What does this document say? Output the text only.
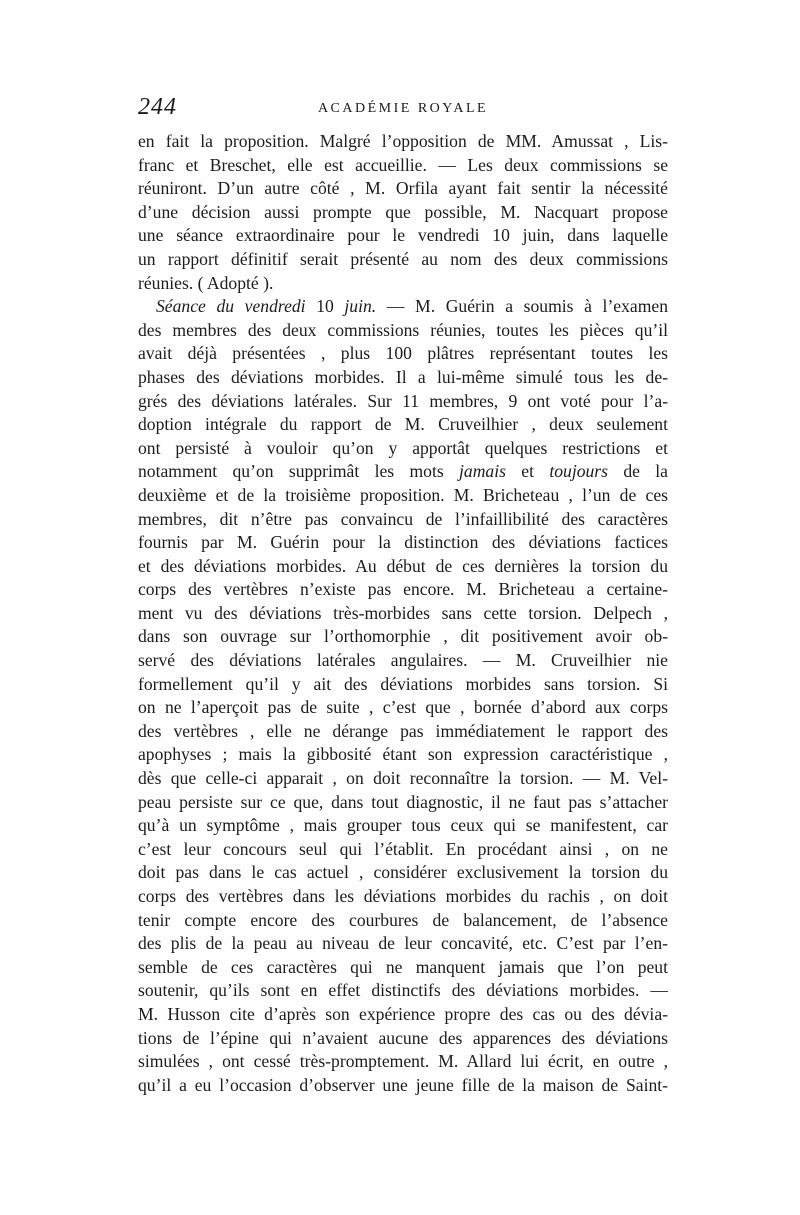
244	ACADÉMIE ROYALE
en fait la proposition. Malgré l’opposition de MM. Amussat , Lis-
franc et Breschet, elle est accueillie. — Les deux commissions se
réuniront. D’un autre côté , M. Orfila ayant fait sentir la nécessité
d’une décision aussi prompte que possible, M. Nacquart propose
une séance extraordinaire pour le vendredi 10 juin, dans laquelle
un rapport définitif serait présenté au nom des deux commissions
réunies. ( Adopté ).
Séance du vendredi 10 juin. — M. Guérin a soumis à l’examen
des membres des deux commissions réunies, toutes les pièces qu’il
avait déjà présentées , plus 100 plâtres représentant toutes les
phases des déviations morbides. Il a lui-même simulé tous les de-
grés des déviations latérales. Sur 11 membres, 9 ont voté pour l’a-
doption intégrale du rapport de M. Cruveilhier , deux seulement
ont persisté à vouloir qu’on y apportât quelques restrictions et
notamment qu’on supprimât les mots jamais et toujours de la
deuxième et de la troisième proposition. M. Bricheteau , l’un de ces
membres, dit n’être pas convaincu de l’infaillibilité des caractères
fournis par M. Guérin pour la distinction des déviations factices
et des déviations morbides. Au début de ces dernières la torsion du
corps des vertèbres n’existe pas encore. M. Bricheteau a certaine-
ment vu des déviations très-morbides sans cette torsion. Delpech ,
dans son ouvrage sur l’orthomorphie , dit positivement avoir ob-
servé des déviations latérales angulaires. — M. Cruveilhier nie
formellement qu’il y ait des déviations morbides sans torsion. Si
on ne l’aperçoit pas de suite , c’est que , bornée d’abord aux corps
des vertèbres , elle ne dérange pas immédiatement le rapport des
apophyses ; mais la gibbosité étant son expression caractéristique ,
dès que celle-ci apparait , on doit reconnaître la torsion. — M. Vel-
peau persiste sur ce que, dans tout diagnostic, il ne faut pas s’attacher
qu’à un symptôme , mais grouper tous ceux qui se manifestent, car
c’est leur concours seul qui l’établit. En procédant ainsi , on ne
doit pas dans le cas actuel , considérer exclusivement la torsion du
corps des vertèbres dans les déviations morbides du rachis , on doit
tenir compte encore des courbures de balancement, de l’absence
des plis de la peau au niveau de leur concavité, etc. C’est par l’en-
semble de ces caractères qui ne manquent jamais que l’on peut
soutenir, qu’ils sont en effet distinctifs des déviations morbides. —
M. Husson cite d’après son expérience propre des cas ou des dévia-
tions de l’épine qui n’avaient aucune des apparences des déviations
simulées , ont cessé très-promptement. M. Allard lui écrit, en outre ,
qu’il a eu l’occasion d’observer une jeune fille de la maison de Saint-
